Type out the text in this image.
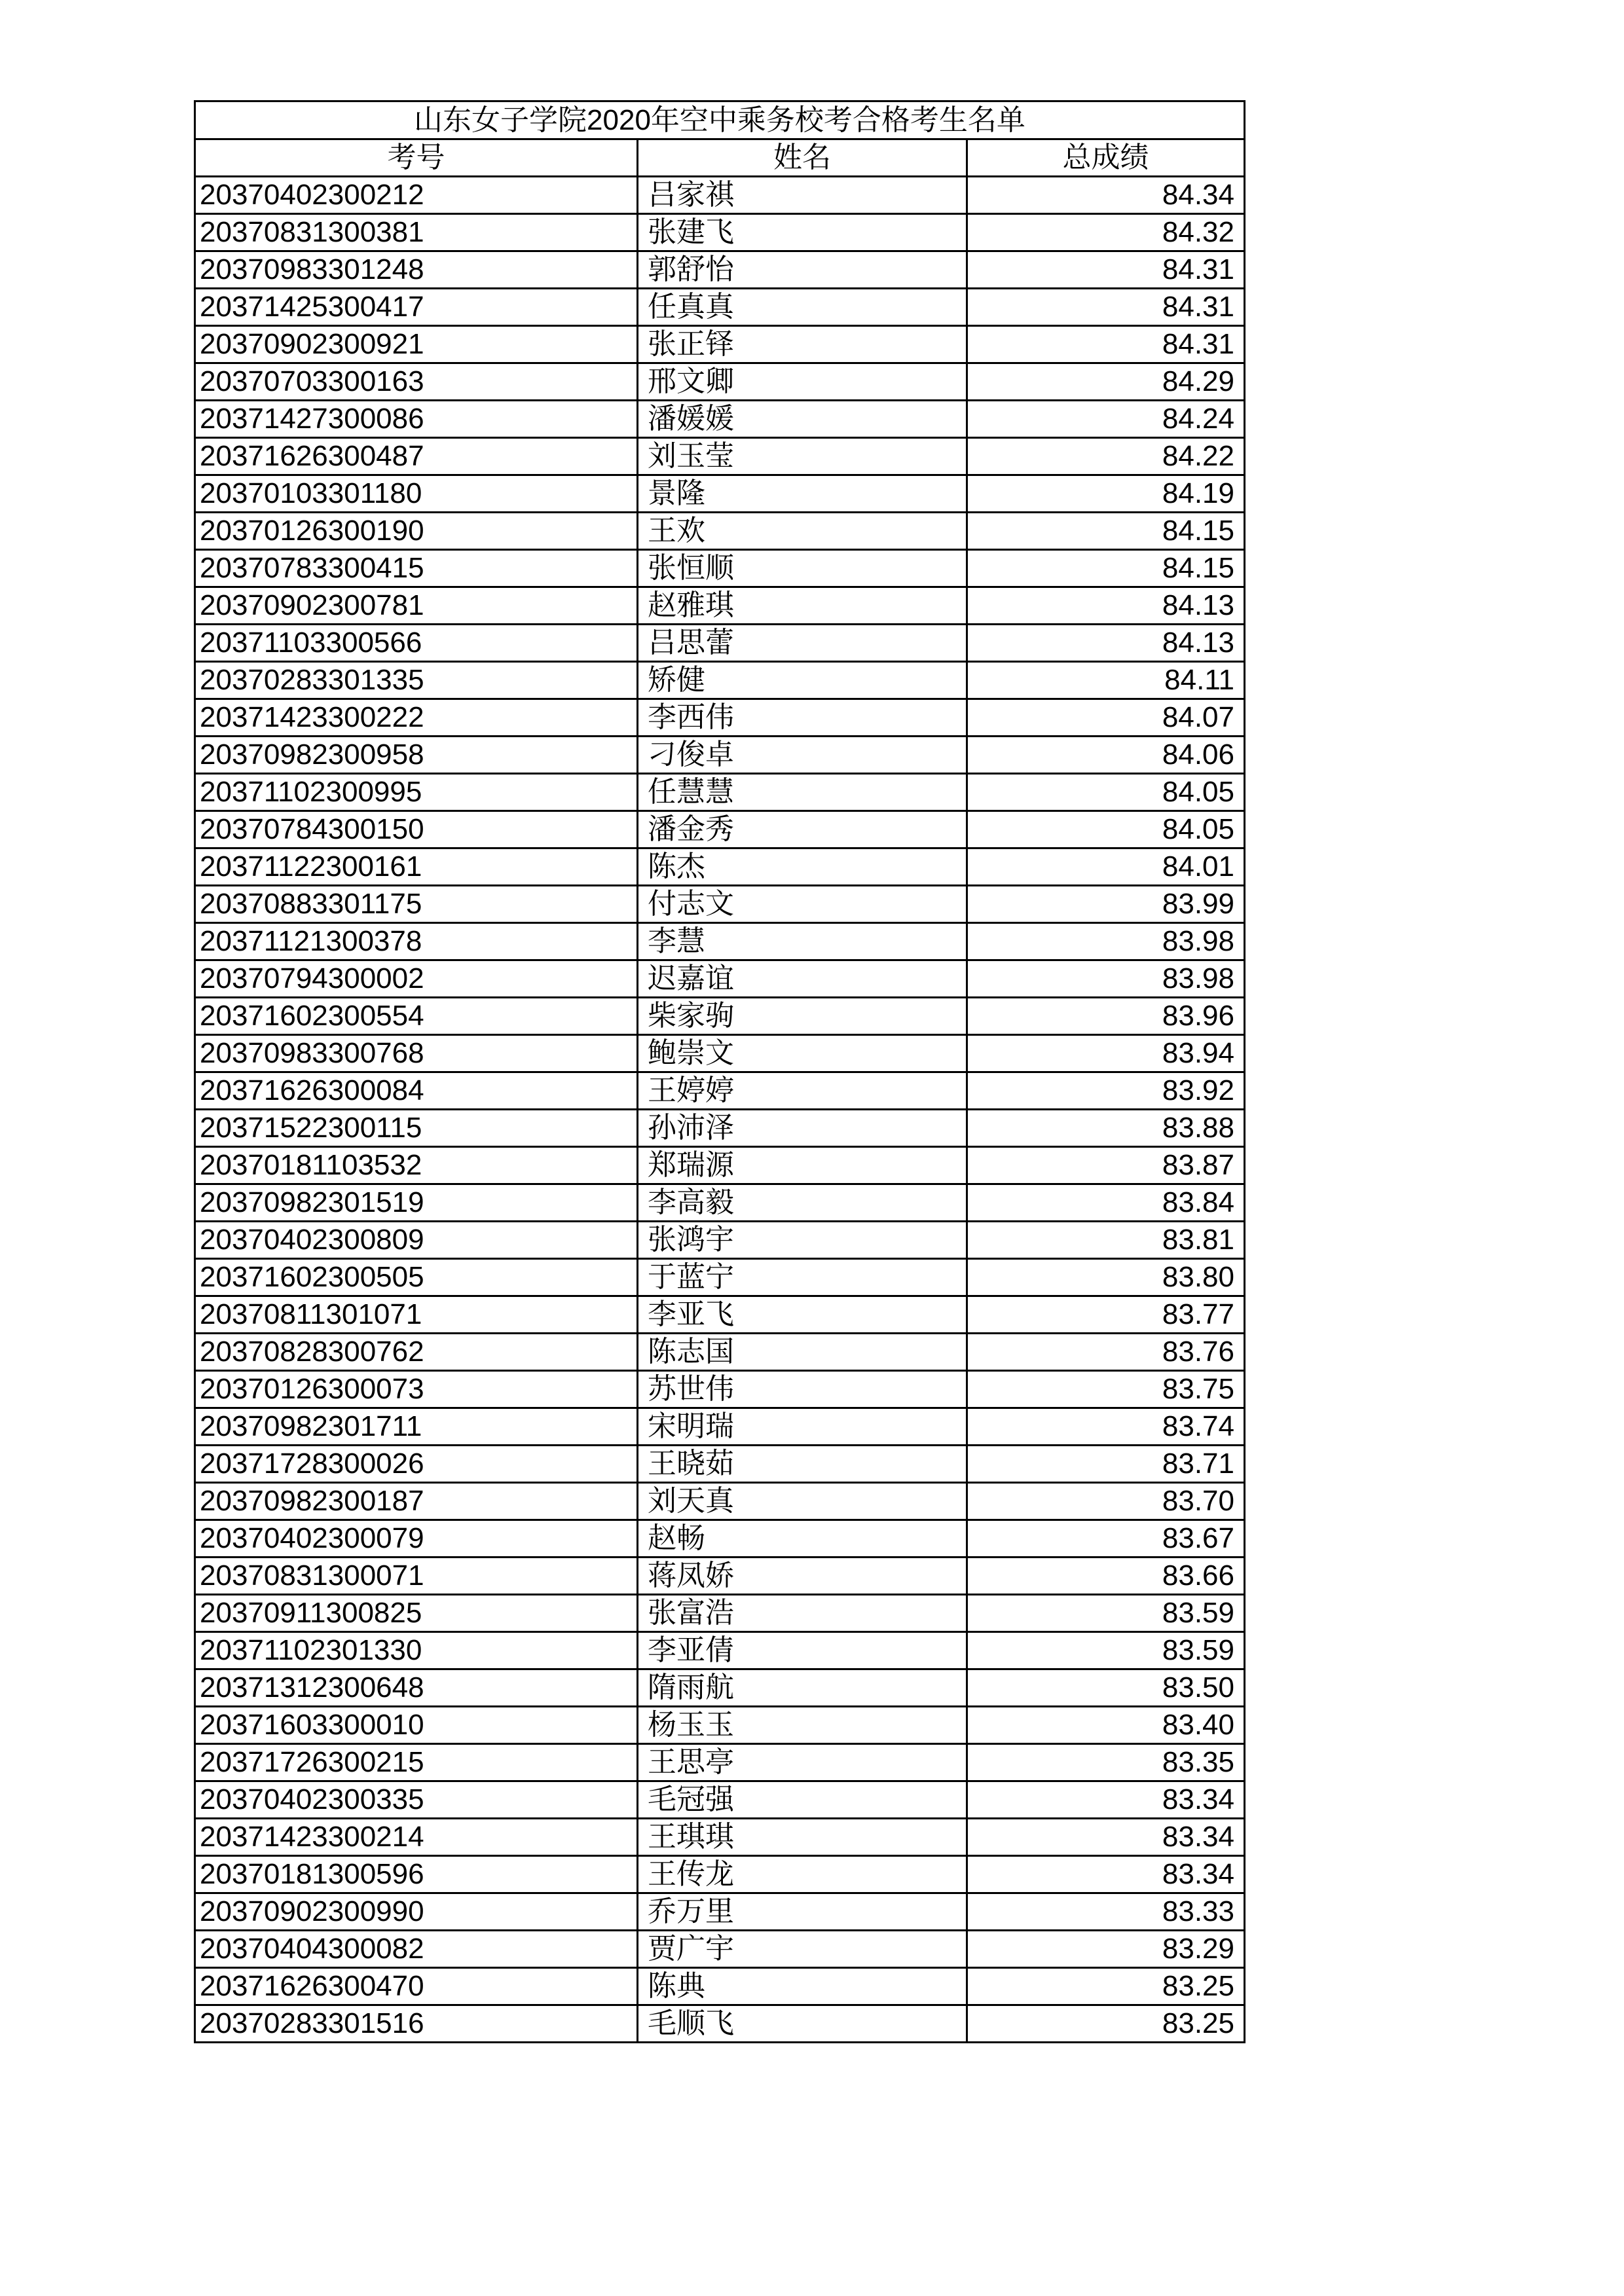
山东女子学院2020年空中乘务校考合格考生名单		
考号	姓名	总成绩
20370402300212	吕家祺	84.34
20370831300381	张建飞	84.32
20370983301248	郭舒怡	84.31
20371425300417	任真真	84.31
20370902300921	张正铎	84.31
20370703300163	邢文卿	84.29
20371427300086	潘媛媛	84.24
20371626300487	刘玉莹	84.22
20370103301180	景隆	84.19
20370126300190	王欢	84.15
20370783300415	张恒顺	84.15
20370902300781	赵雅琪	84.13
20371103300566	吕思蕾	84.13
20370283301335	矫健	84.11
20371423300222	李西伟	84.07
20370982300958	刁俊卓	84.06
20371102300995	任慧慧	84.05
20370784300150	潘金秀	84.05
20371122300161	陈杰	84.01
20370883301175	付志文	83.99
20371121300378	李慧	83.98
20370794300002	迟嘉谊	83.98
20371602300554	柴家驹	83.96
20370983300768	鲍崇文	83.94
20371626300084	王婷婷	83.92
20371522300115	孙沛泽	83.88
20370181103532	郑瑞源	83.87
20370982301519	李高毅	83.84
20370402300809	张鸿宇	83.81
20371602300505	于蓝宁	83.80
20370811301071	李亚飞	83.77
20370828300762	陈志国	83.76
20370126300073	苏世伟	83.75
20370982301711	宋明瑞	83.74
20371728300026	王晓茹	83.71
20370982300187	刘天真	83.70
20370402300079	赵畅	83.67
20370831300071	蒋凤娇	83.66
20370911300825	张富浩	83.59
20371102301330	李亚倩	83.59
20371312300648	隋雨航	83.50
20371603300010	杨玉玉	83.40
20371726300215	王思亭	83.35
20370402300335	毛冠强	83.34
20371423300214	王琪琪	83.34
20370181300596	王传龙	83.34
20370902300990	乔万里	83.33
20370404300082	贾广宇	83.29
20371626300470	陈典	83.25
20370283301516	毛顺飞	83.25
